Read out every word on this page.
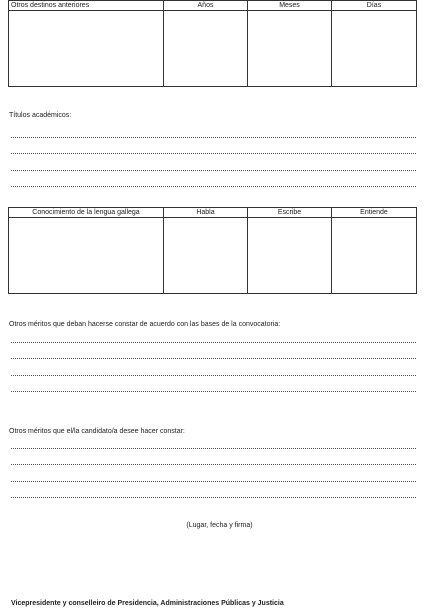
Otros destinos anteriores	Años	Meses	Días

Títulos académicos:
Conocimiento de la lengua gallega	Habla	Escribe	Entiende

Otros méritos que deban hacerse constar de acuerdo con las bases de la convocatoria:
Otros méritos que el/la candidato/a desee hacer constar:
(Lugar, fecha y firma)
Vicepresidente y conselleiro de Presidencia, Administraciones Públicas y Justicia
